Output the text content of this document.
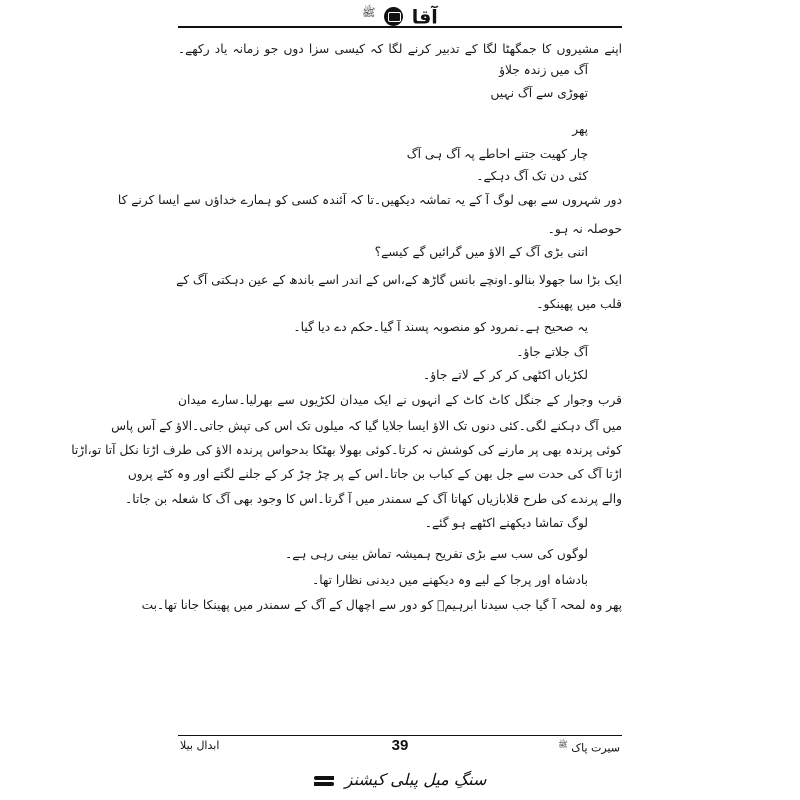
آقا  $^ﷺ$
اپنے مشیروں کا جمگھٹا لگا کے تدبیر کرنے لگا کہ کیسی سزا دوں جو زمانہ یاد رکھے۔
آگ میں زندہ جلاؤ
تھوڑی سے آگ نہیں
پھر
چار کھیت جتنے احاطے پہ آگ ہی آگ
کئی دن تک آگ دہکے۔
دور شہروں سے بھی لوگ آ کے یہ تماشہ دیکھیں۔تا کہ آئندہ کسی کو ہمارے خداؤں سے ایسا کرنے کا
حوصلہ نہ ہو۔
اتنی بڑی آگ کے الاؤ میں گرائیں گے کیسے؟
ایک بڑا سا جھولا بنالو۔اونچے بانس گاڑھ کے،اس کے اندر اسے باندھ کے عین دہکتی آگ کے
قلب میں پھینکو۔
یہ صحیح ہے۔نمرود کو منصوبہ پسند آ گیا۔حکم دے دیا گیا۔
آگ جلاتے جاؤ۔
لکڑیاں اکٹھی کر کر کے لاتے جاؤ۔
قرب وجوار کے جنگل کاٹ کاٹ کے انہوں نے ایک میدان لکڑیوں سے بھرلیا۔سارے میدان
میں آگ دہکنے لگی۔کئی دنوں تک الاؤ ایسا جلایا گیا کہ میلوں تک اس کی تپش جاتی۔الاؤ کے آس پاس
کوئی پرندہ بھی پر مارنے کی کوشش نہ کرتا۔کوئی بھولا بھٹکا بدحواس پرندہ الاؤ کی طرف اڑتا نکل آتا تو،اڑتا
اڑتا آگ کی حدت سے جل بھن کے کباب بن جاتا۔اس کے پر چڑ چڑ کر کے جلنے لگتے اور وہ کٹے پروں
والے پرندے کی طرح قلابازیاں کھاتا آگ کے سمندر میں آ گرتا۔اس کا وجود بھی آگ کا شعلہ بن جاتا۔
لوگ تماشا دیکھنے اکٹھے ہو گئے۔
لوگوں کی سب سے بڑی تفریح ہمیشہ تماش بینی رہی ہے۔
بادشاہ اور پرجا کے لیے وہ دیکھنے میں دیدنی نظارا تھا۔
پھر وہ لمحہ آ گیا جب سیدنا ابرہیمؑ کو دور سے اچھال کے آگ کے سمندر میں پھینکا جانا تھا۔بت
ابدال بیلا	39	سیرت پاک $^ﷺ$
سنگِ میل پبلی کیشنز
